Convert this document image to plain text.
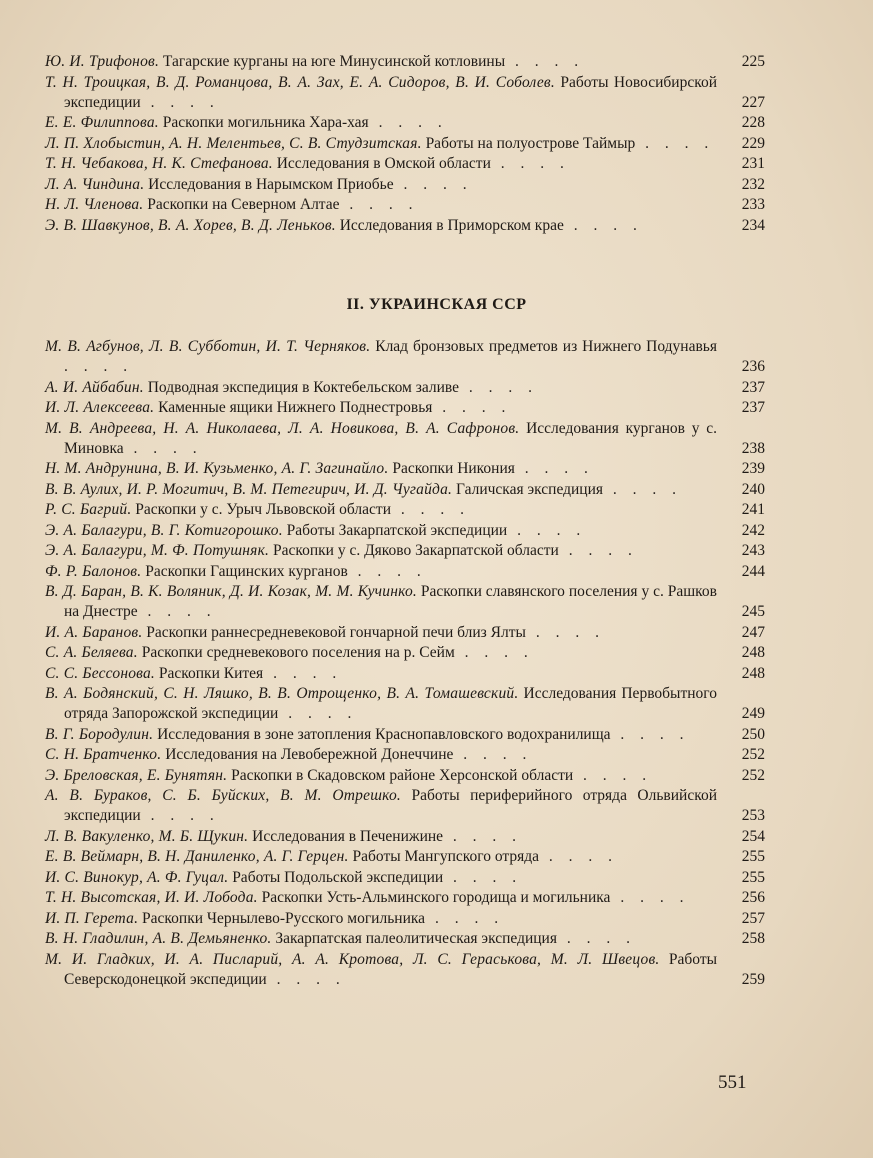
Ю. И. Трифонов. Тагарские курганы на юге Минусинской котловины . . . .	225
Т. Н. Троицкая, В. Д. Романцова, В. А. Зах, Е. А. Сидоров, В. И. Соболев. Работы Новосибирской экспедиции . . . .	227
Е. Е. Филиппова. Раскопки могильника Хара-хая . . . .	228
Л. П. Хлобыстин, А. Н. Мелентьев, С. В. Студзитская. Работы на полуострове Таймыр . . . .	229
Т. Н. Чебакова, Н. К. Стефанова. Исследования в Омской области . . . .	231
Л. А. Чиндина. Исследования в Нарымском Приобье . . . .	232
Н. Л. Членова. Раскопки на Северном Алтае . . . .	233
Э. В. Шавкунов, В. А. Хорев, В. Д. Леньков. Исследования в Приморском крае . . . .	234
II. УКРАИНСКАЯ ССР
М. В. Агбунов, Л. В. Субботин, И. Т. Черняков. Клад бронзовых предметов из Нижнего Подунавья . . . .	236
А. И. Айбабин. Подводная экспедиция в Коктебельском заливе . . . .	237
И. Л. Алексеева. Каменные ящики Нижнего Поднестровья . . . .	237
М. В. Андреева, Н. А. Николаева, Л. А. Новикова, В. А. Сафронов. Исследования курганов у с. Миновка . . . .	238
Н. М. Андрунина, В. И. Кузьменко, А. Г. Загинайло. Раскопки Никония . . . .	239
В. В. Аулих, И. Р. Могитич, В. М. Петегирич, И. Д. Чугайда. Галичская экспедиция . . . .	240
Р. С. Багрий. Раскопки у с. Урыч Львовской области . . . .	241
Э. А. Балагури, В. Г. Котигорошко. Работы Закарпатской экспедиции . . . .	242
Э. А. Балагури, М. Ф. Потушняк. Раскопки у с. Дяково Закарпатской области . . . .	243
Ф. Р. Балонов. Раскопки Гащинских курганов . . . .	244
В. Д. Баран, В. К. Воляник, Д. И. Козак, М. М. Кучинко. Раскопки славянского поселения у с. Рашков на Днестре . . . .	245
И. А. Баранов. Раскопки раннесредневековой гончарной печи близ Ялты . . . .	247
С. А. Беляева. Раскопки средневекового поселения на р. Сейм . . . .	248
С. С. Бессонова. Раскопки Китея . . . .	248
В. А. Бодянский, С. Н. Ляшко, В. В. Отрощенко, В. А. Томашевский. Исследования Первобытного отряда Запорожской экспедиции . . . .	249
В. Г. Бородулин. Исследования в зоне затопления Краснопавловского водохранилища . . . .	250
С. Н. Братченко. Исследования на Левобережной Донеччине . . . .	252
Э. Бреловская, Е. Бунятян. Раскопки в Скадовском районе Херсонской области . . . .	252
А. В. Бураков, С. Б. Буйских, В. М. Отрешко. Работы периферийного отряда Ольвийской экспедиции . . . .	253
Л. В. Вакуленко, М. Б. Щукин. Исследования в Печенижине . . . .	254
Е. В. Веймарн, В. Н. Даниленко, А. Г. Герцен. Работы Мангупского отряда . . . .	255
И. С. Винокур, А. Ф. Гуцал. Работы Подольской экспедиции . . . .	255
Т. Н. Высотская, И. И. Лобода. Раскопки Усть-Альминского городища и могильника . . . .	256
И. П. Герета. Раскопки Чернылево-Русского могильника . . . .	257
В. Н. Гладилин, А. В. Демьяненко. Закарпатская палеолитическая экспедиция . . . .	258
М. И. Гладких, И. А. Писларий, А. А. Кротова, Л. С. Гераськова, М. Л. Швецов. Работы Северскодонецкой экспедиции . . . .	259
551
